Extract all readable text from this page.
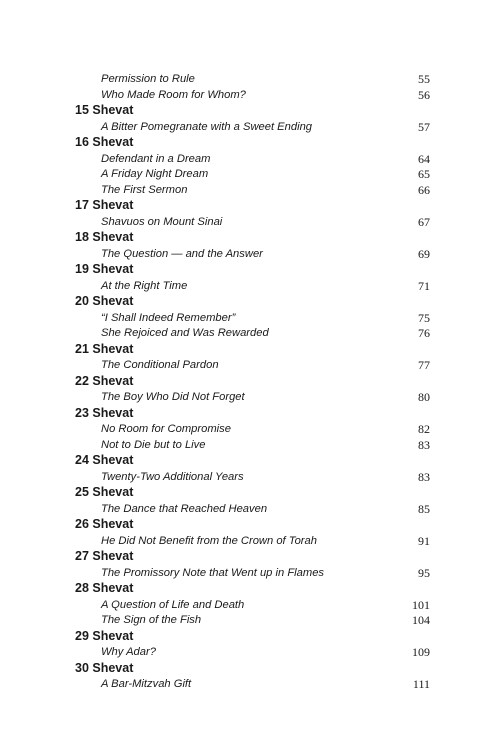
Permission to Rule	55
Who Made Room for Whom?	56
15 Shevat
A Bitter Pomegranate with a Sweet Ending	57
16 Shevat
Defendant in a Dream	64
A Friday Night Dream	65
The First Sermon	66
17 Shevat
Shavuos on Mount Sinai	67
18 Shevat
The Question — and the Answer	69
19 Shevat
At the Right Time	71
20 Shevat
“I Shall Indeed Remember”	75
She Rejoiced and Was Rewarded	76
21 Shevat
The Conditional Pardon	77
22 Shevat
The Boy Who Did Not Forget	80
23 Shevat
No Room for Compromise	82
Not to Die but to Live	83
24 Shevat
Twenty-Two Additional Years	83
25 Shevat
The Dance that Reached Heaven	85
26 Shevat
He Did Not Benefit from the Crown of Torah	91
27 Shevat
The Promissory Note that Went up in Flames	95
28 Shevat
A Question of Life and Death	101
The Sign of the Fish	104
29 Shevat
Why Adar?	109
30 Shevat
A Bar-Mitzvah Gift	111
